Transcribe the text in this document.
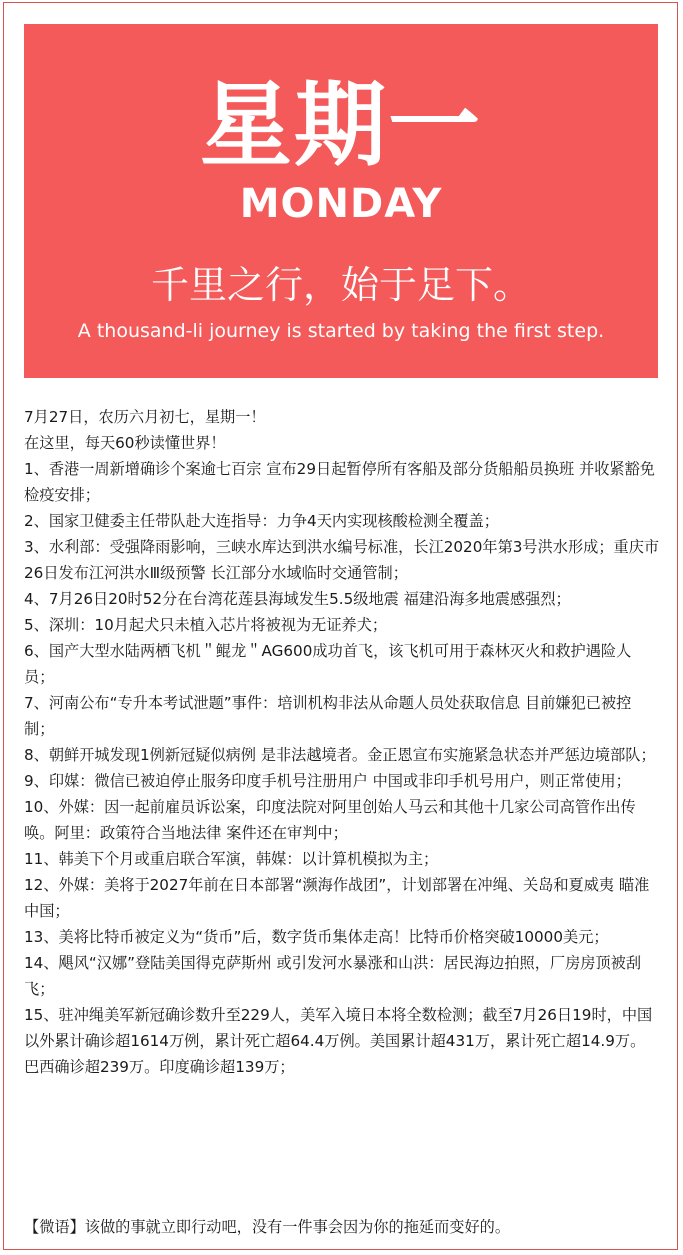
星期一
MONDAY
千里之行，始于足下。
A thousand-li journey is started by taking the first step.

7月27日，农历六月初七，星期一！

在这里，每天60秒读懂世界！

1、香港一周新增确诊个案逾七百宗 宣布29日起暂停所有客船及部分货船船员换班 并收紧豁免检疫安排；
2、国家卫健委主任带队赴大连指导：力争4天内实现核酸检测全覆盖；
3、水利部：受强降雨影响，三峡水库达到洪水编号标准，长江2020年第3号洪水形成；重庆市26日发布江河洪水Ⅲ级预警 长江部分水域临时交通管制；
4、7月26日20时52分在台湾花莲县海域发生5.5级地震 福建沿海多地震感强烈；
5、深圳：10月起犬只未植入芯片将被视为无证养犬；
6、国产大型水陆两栖飞机＂鲲龙＂AG600成功首飞，该飞机可用于森林灭火和救护遇险人员；
7、河南公布“专升本考试泄题”事件：培训机构非法从命题人员处获取信息 目前嫌犯已被控制；
8、朝鲜开城发现1例新冠疑似病例 是非法越境者。金正恩宣布实施紧急状态并严惩边境部队；
9、印媒：微信已被迫停止服务印度手机号注册用户 中国或非印手机号用户，则正常使用；
10、外媒：因一起前雇员诉讼案，印度法院对阿里创始人马云和其他十几家公司高管作出传唤。阿里：政策符合当地法律 案件还在审判中；
11、韩美下个月或重启联合军演，韩媒：以计算机模拟为主；
12、外媒：美将于2027年前在日本部署“濒海作战团”，计划部署在冲绳、关岛和夏威夷 瞄准中国；
13、美将比特币被定义为“货币”后，数字货币集体走高！比特币价格突破10000美元；
14、飓风“汉娜”登陆美国得克萨斯州 或引发河水暴涨和山洪：居民海边拍照，厂房房顶被刮飞；
15、驻冲绳美军新冠确诊数升至229人，美军入境日本将全数检测；截至7月26日19时，中国以外累计确诊超1614万例，累计死亡超64.4万例。美国累计超431万，累计死亡超14.9万。巴西确诊超239万。印度确诊超139万；
【微语】该做的事就立即行动吧，没有一件事会因为你的拖延而变好的。
